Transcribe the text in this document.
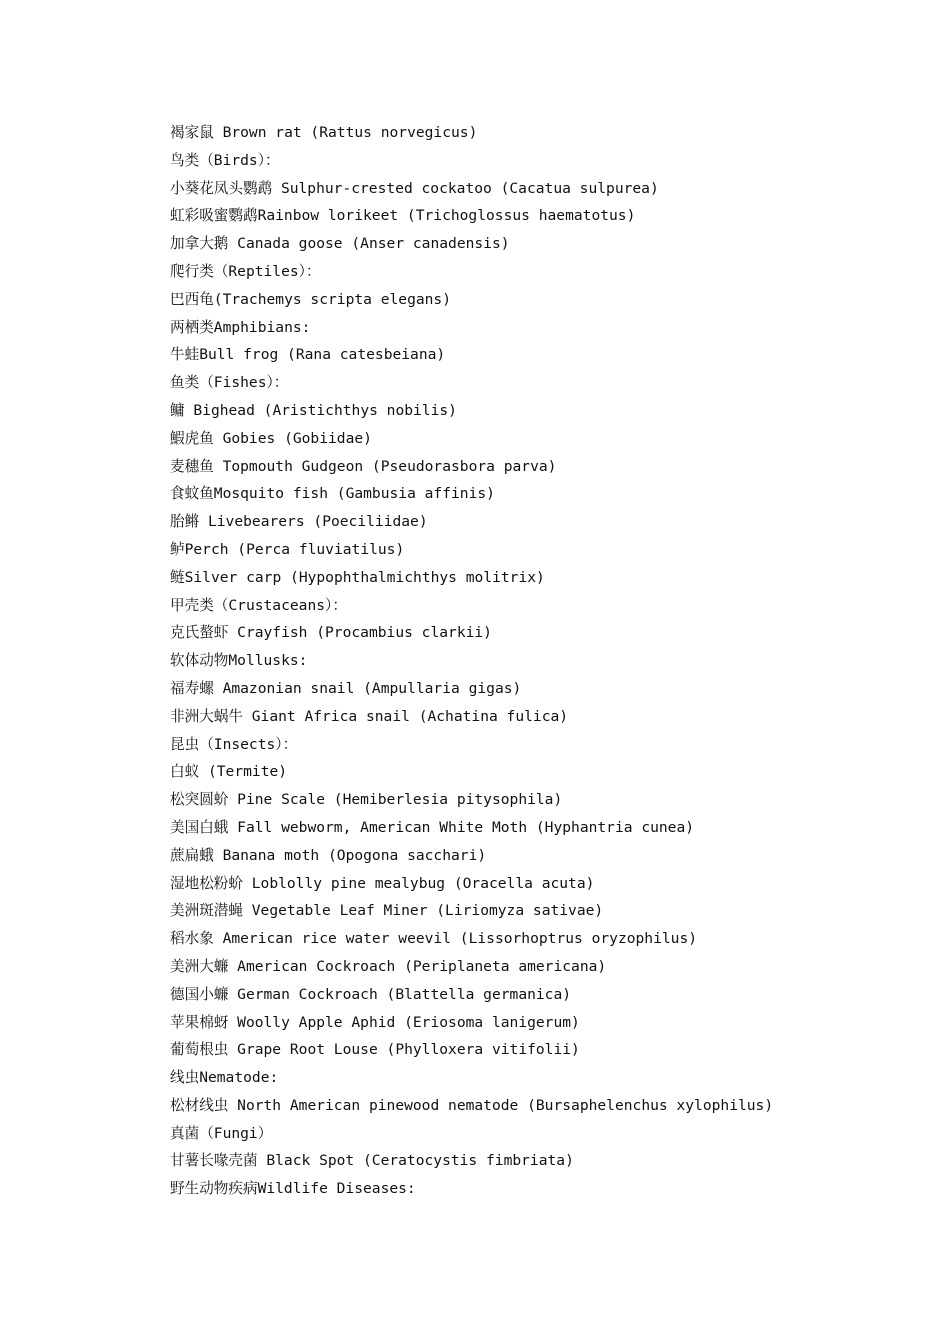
褐家鼠 Brown rat (Rattus norvegicus)
鸟类（Birds）：
小葵花凤头鹦鹉 Sulphur-crested cockatoo (Cacatua sulpurea)
虹彩吸蜜鹦鹉Rainbow lorikeet (Trichoglossus haematotus)
加拿大鹅 Canada goose (Anser canadensis)
爬行类（Reptiles）：
巴西龟(Trachemys scripta elegans)
两栖类Amphibians:
牛蛙Bull frog (Rana catesbeiana)
鱼类（Fishes）：
鳙 Bighead (Aristichthys nobilis)
鰕虎鱼 Gobies (Gobiidae)
麦穗鱼 Topmouth Gudgeon (Pseudorasbora parva)
食蚊鱼Mosquito fish (Gambusia affinis)
胎鳉 Livebearers (Poeciliidae)
鲈Perch (Perca fluviatilus)
鲢Silver carp (Hypophthalmichthys molitrix)
甲壳类（Crustaceans）：
克氏螯虾 Crayfish (Procambius clarkii)
软体动物Mollusks:
福寿螺 Amazonian snail (Ampullaria gigas)
非洲大蜗牛 Giant Africa snail (Achatina fulica)
昆虫（Insects）：
白蚁 (Termite)
松突圆蚧 Pine Scale (Hemiberlesia pitysophila)
美国白蛾 Fall webworm, American White Moth (Hyphantria cunea)
蔗扁蛾 Banana moth (Opogona sacchari)
湿地松粉蚧 Loblolly pine mealybug (Oracella acuta)
美洲斑潜蝇 Vegetable Leaf Miner (Liriomyza sativae)
稻水象 American rice water weevil (Lissorhoptrus oryzophilus)
美洲大蠊 American Cockroach (Periplaneta americana)
德国小蠊 German Cockroach (Blattella germanica)
苹果棉蚜 Woolly Apple Aphid (Eriosoma lanigerum)
葡萄根虫 Grape Root Louse (Phylloxera vitifolii)
线虫Nematode:
松材线虫 North American pinewood nematode (Bursaphelenchus xylophilus)
真菌（Fungi）
甘薯长喙壳菌 Black Spot (Ceratocystis fimbriata)
野生动物疾病Wildlife Diseases:
